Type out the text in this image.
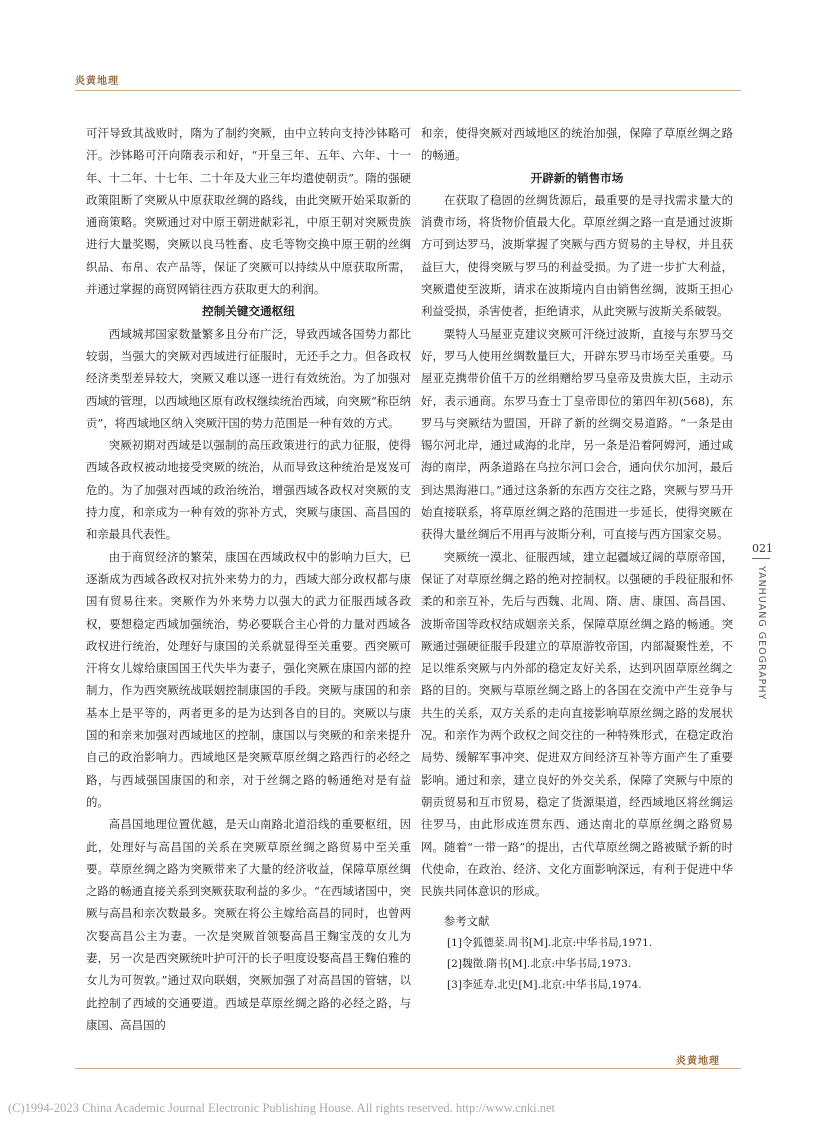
炎黄地理

可汗导致其战败时，隋为了制约突厥，由中立转向支持沙钵略可汗。沙钵略可汗向隋表示和好，“开皇三年、五年、六年、十一年、十二年、十七年、二十年及大业三年均遣使朝贡”。隋的强硬政策阻断了突厥从中原获取丝绸的路线，由此突厥开始采取新的通商策略。突厥通过对中原王朝进献彩礼，中原王朝对突厥贵族进行大量奖赐，突厥以良马牲畜、皮毛等物交换中原王朝的丝绸织品、布帛、农产品等，保证了突厥可以持续从中原获取所需，并通过掌握的商贸网销往西方获取更大的利润。

控制关键交通枢纽

西域城邦国家数量繁多且分布广泛，导致西域各国势力都比较弱，当强大的突厥对西域进行征服时，无还手之力。但各政权经济类型差异较大，突厥又难以逐一进行有效统治。为了加强对西域的管理，以西域地区原有政权继续统治西域，向突厥“称臣纳贡”，将西域地区纳入突厥汗国的势力范围是一种有效的方式。

突厥初期对西域是以强制的高压政策进行的武力征服，使得西域各政权被动地接受突厥的统治，从而导致这种统治是岌岌可危的。为了加强对西域的政治统治，增强西域各政权对突厥的支持力度，和亲成为一种有效的弥补方式，突厥与康国、高昌国的和亲最具代表性。

由于商贸经济的繁荣，康国在西域政权中的影响力巨大，已逐渐成为西域各政权对抗外来势力的力，西域大部分政权都与康国有贸易往来。突厥作为外来势力以强大的武力征服西域各政权，要想稳定西域加强统治，势必要联合主心骨的力量对西域各政权进行统治，处理好与康国的关系就显得至关重要。西突厥可汗将女儿嫁给康国国王代失毕为妻子，强化突厥在康国内部的控制力，作为西突厥统战联姻控制康国的手段。突厥与康国的和亲基本上是平等的，两者更多的是为达到各自的目的。突厥以与康国的和亲来加强对西域地区的控制，康国以与突厥的和亲来提升自己的政治影响力。西域地区是突厥草原丝绸之路西行的必经之路，与西域强国康国的和亲，对于丝绸之路的畅通绝对是有益的。

高昌国地理位置优越，是天山南路北道沿线的重要枢纽，因此，处理好与高昌国的关系在突厥草原丝绸之路贸易中至关重要。草原丝绸之路为突厥带来了大量的经济收益，保障草原丝绸之路的畅通直接关系到突厥获取利益的多少。“在西域诸国中，突厥与高昌和亲次数最多。突厥在将公主嫁给高昌的同时，也曾两次娶高昌公主为妻。一次是突厥首领娶高昌王麴宝茂的女儿为妻，另一次是西突厥统叶护可汗的长子呾度设娶高昌王麴伯雅的女儿为可贺敦。”通过双向联姻，突厥加强了对高昌国的管辖，以此控制了西域的交通要道。西域是草原丝绸之路的必经之路，与康国、高昌国的

和亲，使得突厥对西域地区的统治加强，保障了草原丝绸之路的畅通。

开辟新的销售市场

在获取了稳固的丝绸货源后，最重要的是寻找需求量大的消费市场，将货物价值最大化。草原丝绸之路一直是通过波斯方可到达罗马，波斯掌握了突厥与西方贸易的主导权，并且获益巨大，使得突厥与罗马的利益受损。为了进一步扩大利益，突厥遣使至波斯，请求在波斯境内自由销售丝绸，波斯王担心利益受损，杀害使者，拒绝请求，从此突厥与波斯关系破裂。

粟特人马屋亚克建议突厥可汗绕过波斯，直接与东罗马交好，罗马人使用丝绸数量巨大，开辟东罗马市场至关重要。马屋亚克携带价值千万的丝绢赠给罗马皇帝及贵族大臣，主动示好，表示通商。东罗马查士丁皇帝即位的第四年初(568)，东罗马与突厥结为盟国，开辟了新的丝绸交易道路。“一条是由锡尔河北岸，通过咸海的北岸，另一条是沿着阿姆河，通过咸海的南岸，两条道路在乌拉尔河口会合，通向伏尔加河，最后到达黑海港口。”通过这条新的东西方交往之路，突厥与罗马开始直接联系，将草原丝绸之路的范围进一步延长，使得突厥在获得大量丝绸后不用再与波斯分利，可直接与西方国家交易。

突厥统一漠北、征服西域，建立起疆域辽阔的草原帝国，保证了对草原丝绸之路的绝对控制权。以强硬的手段征服和怀柔的和亲互补，先后与西魏、北周、隋、唐、康国、高昌国、波斯帝国等政权结成姻亲关系，保障草原丝绸之路的畅通。突厥通过强硬征服手段建立的草原游牧帝国，内部凝聚性差，不足以维系突厥与内外部的稳定友好关系，达到巩固草原丝绸之路的目的。突厥与草原丝绸之路上的各国在交流中产生竞争与共生的关系，双方关系的走向直接影响草原丝绸之路的发展状况。和亲作为两个政权之间交往的一种特殊形式，在稳定政治局势、缓解军事冲突、促进双方间经济互补等方面产生了重要影响。通过和亲，建立良好的外交关系，保障了突厥与中原的朝贡贸易和互市贸易，稳定了货源渠道，经西域地区将丝绸运往罗马，由此形成连贯东西、通达南北的草原丝绸之路贸易网。随着“一带一路”的提出，古代草原丝绸之路被赋予新的时代使命，在政治、经济、文化方面影响深远，有利于促进中华民族共同体意识的形成。

参考文献

[1]令狐德棻.周书[M].北京:中华书局,1971.

[2]魏徵.隋书[M].北京:中华书局,1973.

[3]李延寿.北史[M].北京:中华书局,1974.

021
YANHUANG GEOGRAPHY
炎黄地理
(C)1994-2023 China Academic Journal Electronic Publishing House. All rights reserved. http://www.cnki.net
